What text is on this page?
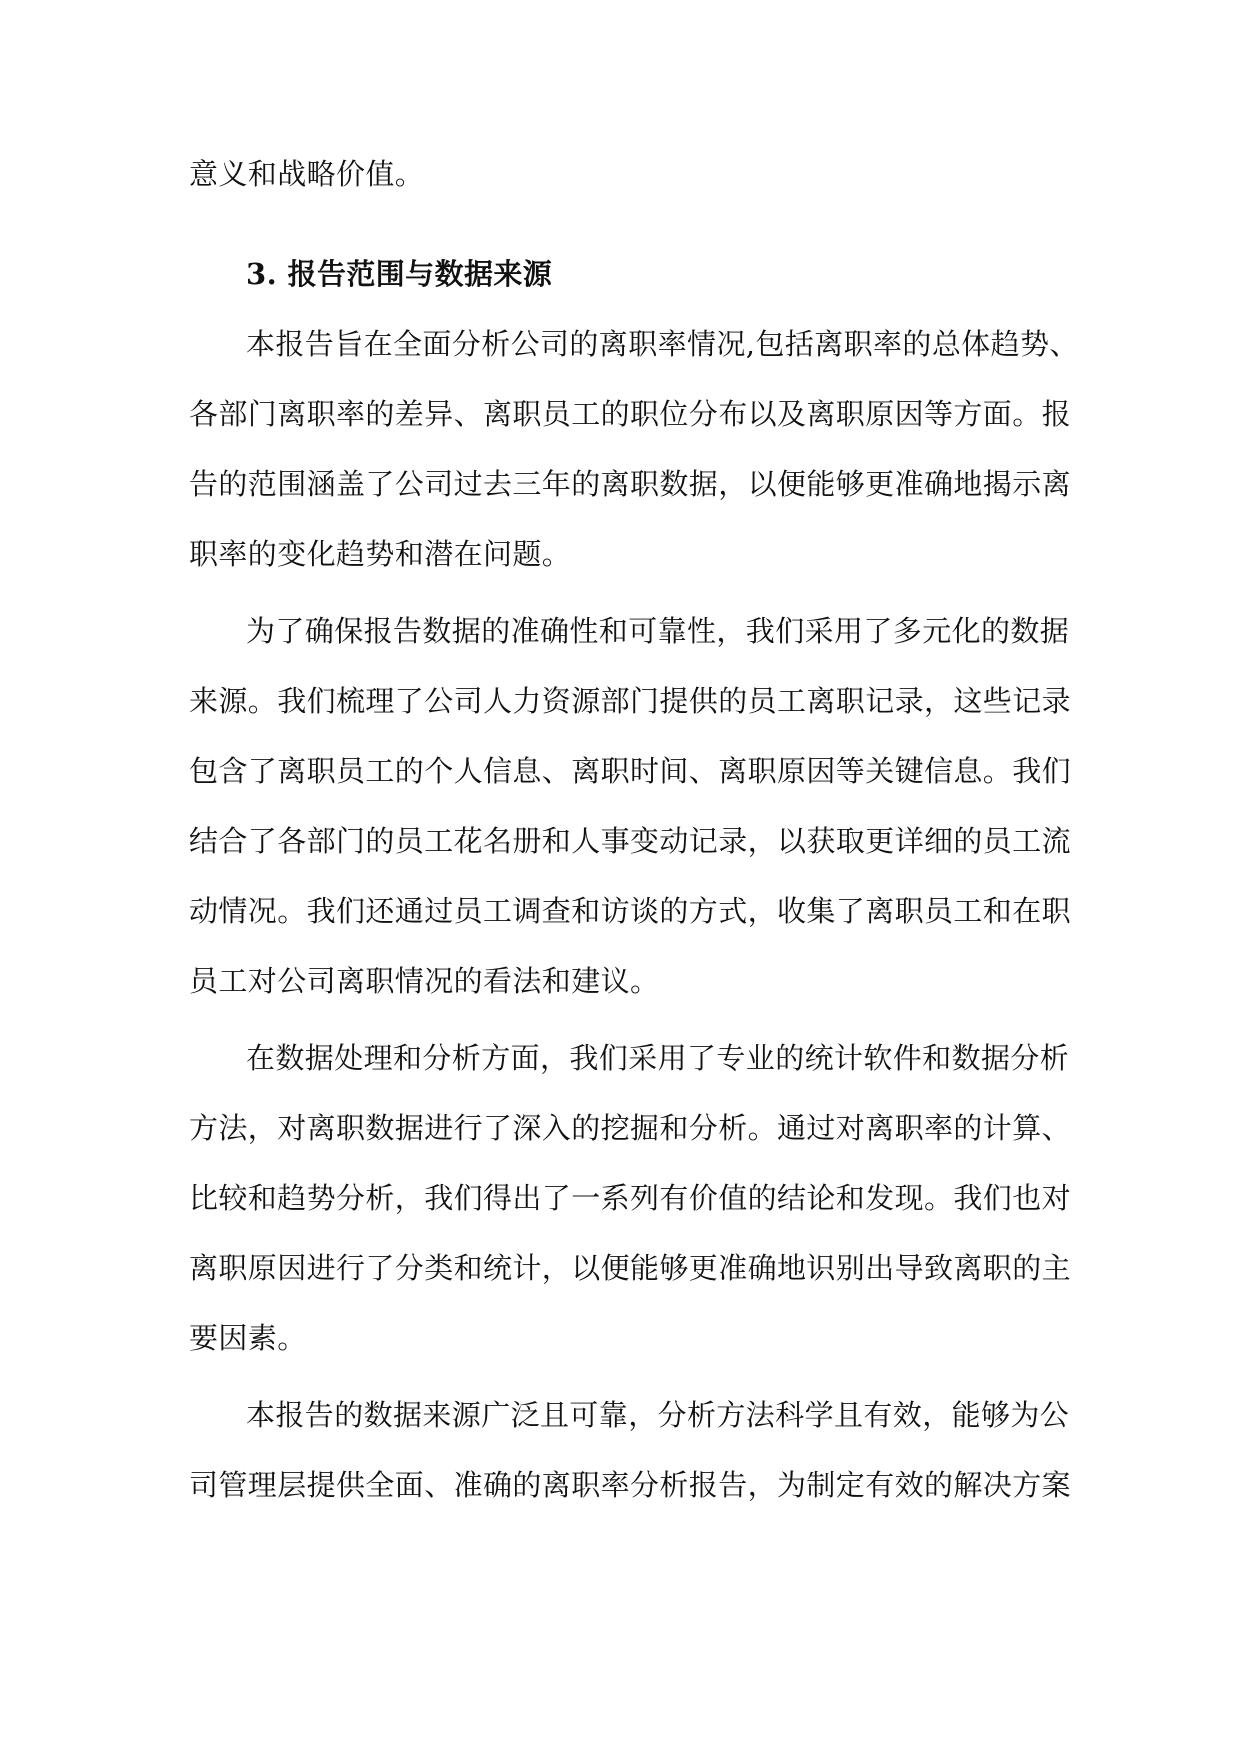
意义和战略价值。
3. 报告范围与数据来源
本报告旨在全面分析公司的离职率情况,包括离职率的总体趋势、
各部门离职率的差异、离职员工的职位分布以及离职原因等方面。报
告的范围涵盖了公司过去三年的离职数据，以便能够更准确地揭示离
职率的变化趋势和潜在问题。
为了确保报告数据的准确性和可靠性，我们采用了多元化的数据
来源。我们梳理了公司人力资源部门提供的员工离职记录，这些记录
包含了离职员工的个人信息、离职时间、离职原因等关键信息。我们
结合了各部门的员工花名册和人事变动记录，以获取更详细的员工流
动情况。我们还通过员工调查和访谈的方式，收集了离职员工和在职
员工对公司离职情况的看法和建议。
在数据处理和分析方面，我们采用了专业的统计软件和数据分析
方法，对离职数据进行了深入的挖掘和分析。通过对离职率的计算、
比较和趋势分析，我们得出了一系列有价值的结论和发现。我们也对
离职原因进行了分类和统计，以便能够更准确地识别出导致离职的主
要因素。
本报告的数据来源广泛且可靠，分析方法科学且有效，能够为公
司管理层提供全面、准确的离职率分析报告，为制定有效的解决方案
